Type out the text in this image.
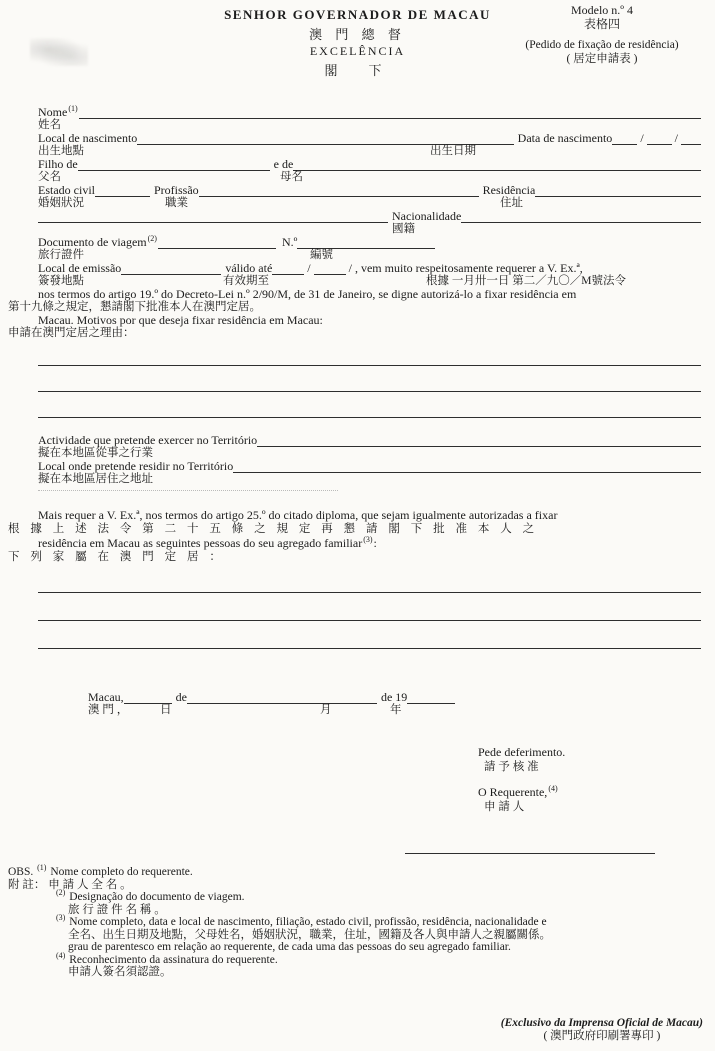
SENHOR GOVERNADOR DE MACAU
澳 門 總 督
EXCELÊNCIA
閣　下
Modelo n.º 4
表格四
(Pedido de fixação de residência)
( 居定申請表 )
Nome$^{(1)}$
姓名
Local de nascimento	Data de nascimento /	/
出生地點	出生日期
Filho de	e de
父名	母名
Estado civil	Profissão	Residência
婚姻狀況	職業	住址
Nacionalidade
國籍
Documento de viagem$^{(2)}$	N.º
旅行證件	編號
Local de emissão	válido até	/	/ , vem muito respeitosamente requerer a V. Ex.ª,
簽發地點	有效期至	根據 一月卅一日 第二／九〇／M號法令
nos termos do artigo 19.º do Decreto-Lei n.º 2/90/M, de 31 de Janeiro, se digne autorizá-lo a fixar residência em
第十九條之規定，懇請閣下批准本人在澳門定居。
Macau. Motivos por que deseja fixar residência em Macau:
申請在澳門定居之理由：
Actividade que pretende exercer no Território
擬在本地區從事之行業
Local onde pretende residir no Território
擬在本地區居住之地址
Mais requer a V. Ex.ª, nos termos do artigo 25.º do citado diploma, que sejam igualmente autorizadas a fixar
根 據 上 述 法 令 第 二 十 五 條 之 規 定 再 懇 請 閣 下 批 准 本 人 之
residência em Macau as seguintes pessoas do seu agregado familiar$^{(3)}$:
下 列 家 屬 在 澳 門 定 居 ：
Macau,	de	de 19
澳 門 ，	日	月	年
Pede deferimento.
請 予 核 准
O Requerente,$^{(4)}$
申 請 人
OBS. $^{(1)}$ Nome completo do requerente.
附 註： 申 請 人 全 名 。
$^{(2)}$ Designação do documento de viagem.
旅 行 證 件 名 稱 。
$^{(3)}$ Nome completo, data e local de nascimento, filiação, estado civil, profissão, residência, nacionalidade e
全名、出生日期及地點，父母姓名，婚姻狀況，職業，住址，國籍及各人與申請人之親屬關係。
grau de parentesco em relação ao requerente, de cada uma das pessoas do seu agregado familiar.
$^{(4)}$ Reconhecimento da assinatura do requerente.
申請人簽名須認證。
(Exclusivo da Imprensa Oficial de Macau)
( 澳門政府印刷署專印 )
